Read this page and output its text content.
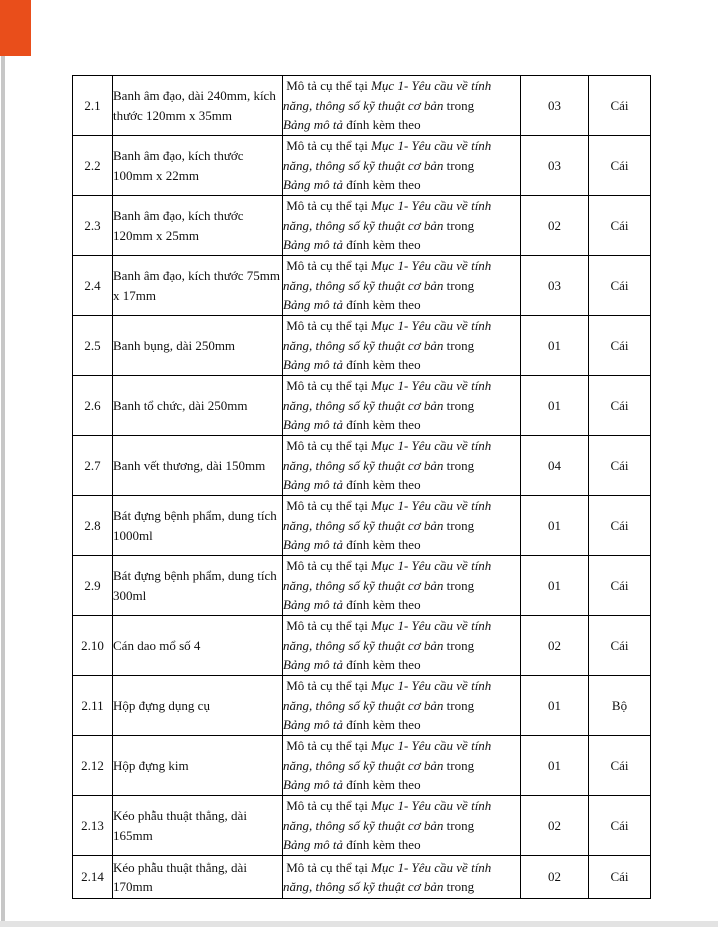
2.1	Banh âm đạo, dài 240mm, kích thước 120mm x 35mm	Mô tả cụ thể tại Mục 1- Yêu cầu về tính
năng, thông số kỹ thuật cơ bản trong
Bảng mô tả đính kèm theo	03	Cái
2.2	Banh âm đạo, kích thước 100mm x 22mm	Mô tả cụ thể tại Mục 1- Yêu cầu về tính
năng, thông số kỹ thuật cơ bản trong
Bảng mô tả đính kèm theo	03	Cái
2.3	Banh âm đạo, kích thước 120mm x 25mm	Mô tả cụ thể tại Mục 1- Yêu cầu về tính
năng, thông số kỹ thuật cơ bản trong
Bảng mô tả đính kèm theo	02	Cái
2.4	Banh âm đạo, kích thước 75mm x 17mm	Mô tả cụ thể tại Mục 1- Yêu cầu về tính
năng, thông số kỹ thuật cơ bản trong
Bảng mô tả đính kèm theo	03	Cái
2.5	Banh bụng, dài 250mm	Mô tả cụ thể tại Mục 1- Yêu cầu về tính
năng, thông số kỹ thuật cơ bản trong
Bảng mô tả đính kèm theo	01	Cái
2.6	Banh tổ chức, dài 250mm	Mô tả cụ thể tại Mục 1- Yêu cầu về tính
năng, thông số kỹ thuật cơ bản trong
Bảng mô tả đính kèm theo	01	Cái
2.7	Banh vết thương, dài 150mm	Mô tả cụ thể tại Mục 1- Yêu cầu về tính
năng, thông số kỹ thuật cơ bản trong
Bảng mô tả đính kèm theo	04	Cái
2.8	Bát đựng bệnh phẩm, dung tích 1000ml	Mô tả cụ thể tại Mục 1- Yêu cầu về tính
năng, thông số kỹ thuật cơ bản trong
Bảng mô tả đính kèm theo	01	Cái
2.9	Bát đựng bệnh phẩm, dung tích 300ml	Mô tả cụ thể tại Mục 1- Yêu cầu về tính
năng, thông số kỹ thuật cơ bản trong
Bảng mô tả đính kèm theo	01	Cái
2.10	Cán dao mổ số 4	Mô tả cụ thể tại Mục 1- Yêu cầu về tính
năng, thông số kỹ thuật cơ bản trong
Bảng mô tả đính kèm theo	02	Cái
2.11	Hộp đựng dụng cụ	Mô tả cụ thể tại Mục 1- Yêu cầu về tính
năng, thông số kỹ thuật cơ bản trong
Bảng mô tả đính kèm theo	01	Bộ
2.12	Hộp đựng kim	Mô tả cụ thể tại Mục 1- Yêu cầu về tính
năng, thông số kỹ thuật cơ bản trong
Bảng mô tả đính kèm theo	01	Cái
2.13	Kéo phẫu thuật thẳng, dài 165mm	Mô tả cụ thể tại Mục 1- Yêu cầu về tính
năng, thông số kỹ thuật cơ bản trong
Bảng mô tả đính kèm theo	02	Cái
2.14	Kéo phẫu thuật thẳng, dài 170mm	Mô tả cụ thể tại Mục 1- Yêu cầu về tính
năng, thông số kỹ thuật cơ bản trong	02	Cái
